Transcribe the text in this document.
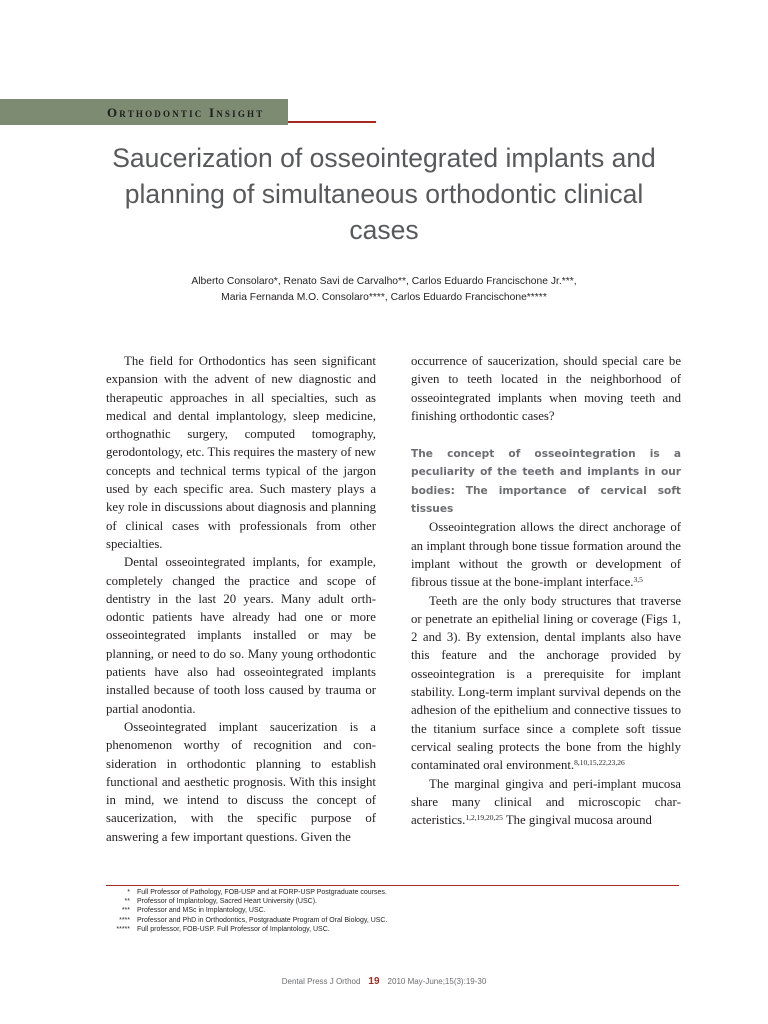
Orthodontic Insight
Saucerization of osseointegrated implants and planning of simultaneous orthodontic clinical cases
Alberto Consolaro*, Renato Savi de Carvalho**, Carlos Eduardo Francischone Jr.***,
Maria Fernanda M.O. Consolaro****, Carlos Eduardo Francischone*****

The field for Orthodontics has seen significant expansion with the advent of new diagnostic and therapeutic approaches in all specialties, such as medical and dental implantology, sleep medicine, orthognathic surgery, computed tomography, gerodontology, etc. This requires the mastery of new concepts and technical terms typical of the jargon used by each specific area. Such mastery plays a key role in discussions about diagnosis and planning of clinical cases with professionals from other specialties.

Dental osseointegrated implants, for example, completely changed the practice and scope of dentistry in the last 20 years. Many adult orthodontic patients have already had one or more osseointegrated implants installed or may be planning, or need to do so. Many young orthodontic patients have also had osseointegrated implants installed because of tooth loss caused by trauma or partial anodontia.

Osseointegrated implant saucerization is a phenomenon worthy of recognition and consideration in orthodontic planning to establish functional and aesthetic prognosis. With this insight in mind, we intend to discuss the concept of saucerization, with the specific purpose of answering a few important questions. Given the

occurrence of saucerization, should special care be given to teeth located in the neighborhood of osseointegrated implants when moving teeth and finishing orthodontic cases?

The concept of osseointegration is a peculiarity of the teeth and implants in our bodies: The importance of cervical soft tissues

Osseointegration allows the direct anchorage of an implant through bone tissue formation around the implant without the growth or development of fibrous tissue at the bone-implant interface.$^{3,5}$

Teeth are the only body structures that traverse or penetrate an epithelial lining or coverage (Figs 1, 2 and 3). By extension, dental implants also have this feature and the anchorage provided by osseointegration is a prerequisite for implant stability. Long-term implant survival depends on the adhesion of the epithelium and connective tissues to the titanium surface since a complete soft tissue cervical sealing protects the bone from the highly contaminated oral environment.$^{8,10,15,22,23,26}$

The marginal gingiva and peri-implant mucosa share many clinical and microscopic characteristics.$^{1,2,19,20,25}$ The gingival mucosa around

*	Full Professor of Pathology, FOB-USP and at FORP-USP Postgraduate courses.
**	Professor of Implantology, Sacred Heart University (USC).
***	Professor and MSc in Implantology, USC.
****	Professor and PhD in Orthodontics, Postgraduate Program of Oral Biology, USC.
*****	Full professor, FOB-USP. Full Professor of Implantology, USC.
Dental Press J Orthod 19 2010 May-June;15(3):19-30
